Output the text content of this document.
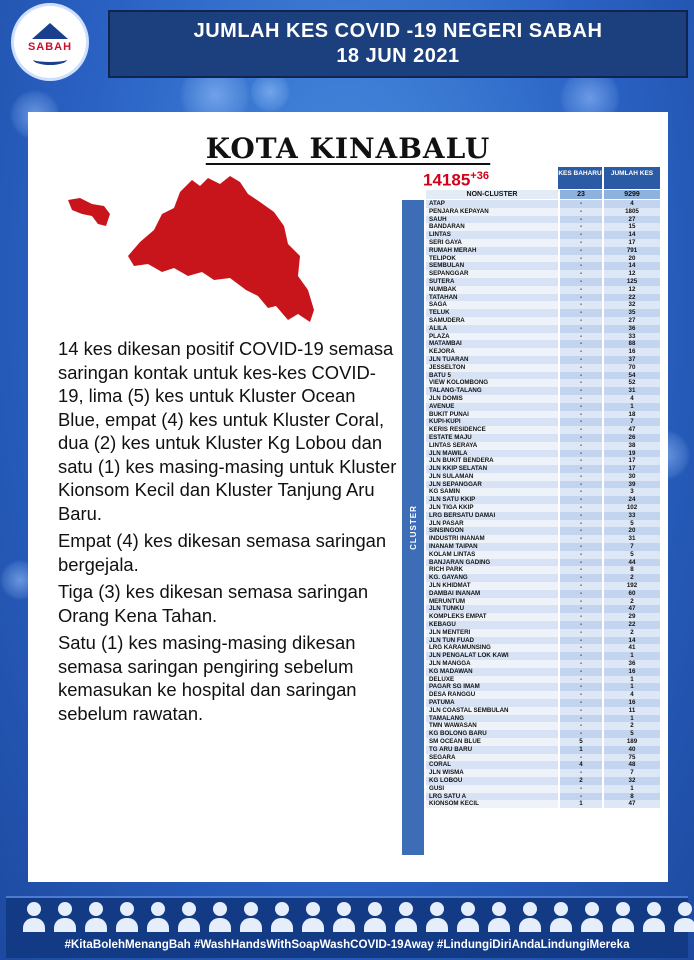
SABAH
JUMLAH KES COVID -19 NEGERI SABAH
18 JUN 2021
KOTA KINABALU

14 kes dikesan positif COVID-19 semasa saringan kontak untuk kes-kes COVID-19, lima (5) kes untuk Kluster Ocean Blue, empat (4) kes untuk Kluster Coral, dua (2) kes untuk Kluster Kg Lobou dan satu (1) kes masing-masing untuk Kluster Kionsom Kecil dan Kluster Tanjung Aru Baru.

Empat (4) kes dikesan semasa saringan bergejala.

Tiga (3) kes dikesan semasa saringan Orang Kena Tahan.

Satu (1) kes masing-masing dikesan semasa saringan pengiring sebelum kemasukan ke hospital dan saringan sebelum rawatan.

KES BAHARU	JUMLAH KES
NON-CLUSTER	23	9299
CLUSTER
ATAP	-	4
PENJARA KEPAYAN	-	1805
SAUH	-	27
BANDARAN	-	15
LINTAS	-	14
SERI GAYA	-	17
RUMAH MERAH	-	791
TELIPOK	-	20
SEMBULAN	-	14
SEPANGGAR	-	12
SUTERA	-	125
NUMBAK	-	12
TATAHAN	-	22
SAGA	-	32
TELUK	-	35
SAMUDERA	-	27
ALILA	-	36
PLAZA	-	33
MATAMBAI	-	88
KEJORA	-	16
JLN TUARAN	-	37
JESSELTON	-	70
BATU 5	-	54
VIEW KOLOMBONG	-	52
TALANG-TALANG	-	31
JLN DOMIS	-	4
AVENUE	-	1
BUKIT PUNAI	-	18
KUPI-KUPI	-	7
KERIS RESIDENCE	-	47
ESTATE MAJU	-	26
LINTAS SERAYA	-	38
JLN MAWILA	-	19
JLN BUKIT BENDERA	-	17
JLN KKIP SELATAN	-	17
JLN SULAMAN	-	30
JLN SEPANGGAR	-	39
KG SAMIN	-	3
JLN SATU KKIP	-	24
JLN TIGA KKIP	-	102
LRG BERSATU DAMAI	-	33
JLN PASAR	-	5
SINSINGON	-	20
INDUSTRI INANAM	-	31
INANAM TAIPAN	-	7
KOLAM LINTAS	-	5
BANJARAN GADING	-	44
RICH PARK	-	8
KG. GAYANG	-	2
JLN KHIDMAT	-	192
DAMBAI INANAM	-	60
MERUNTUM	-	2
JLN TUNKU	-	47
KOMPLEKS EMPAT	-	29
KEBAGU	-	22
JLN MENTERI	-	2
JLN TUN FUAD	-	14
LRG KARAMUNSING	-	41
JLN PENGALAT LOK KAWI	-	1
JLN MANGGA	-	36
KG MADAWAN	-	16
DELUXE	-	1
PAGAR SG IMAM	-	1
DESA RANGGU	-	4
PATUMA	-	16
JLN COASTAL SEMBULAN	-	11
TAMALANG	-	1
TMN WAWASAN	-	2
KG BOLONG BARU	-	5
SM OCEAN BLUE	5	189
TG ARU BARU	1	40
SEGARA	-	75
CORAL	4	48
JLN WISMA	-	7
KG LOBOU	2	32
GUSI	-	1
LRG SATU A	-	8
KIONSOM KECIL	1	47
$14185^{+36}$
#KitaBolehMenangBah #WashHandsWithSoapWashCOVID-19Away #LindungiDiriAndaLindungiMereka
